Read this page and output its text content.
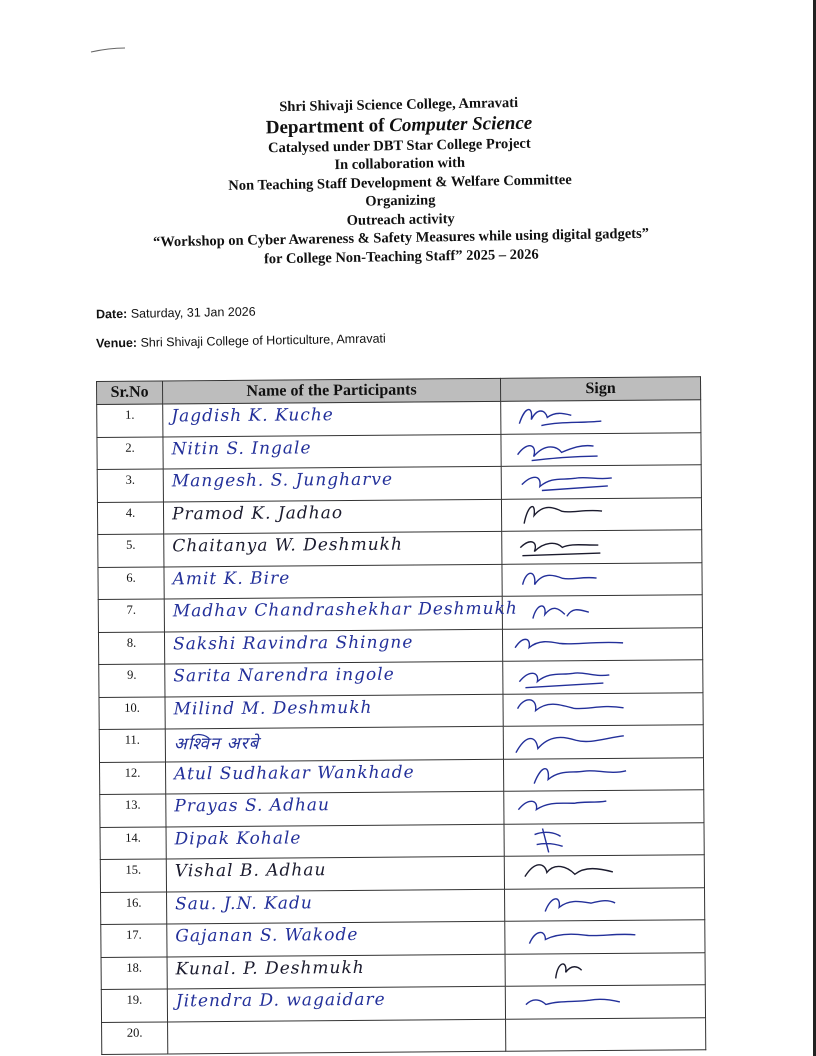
Shri Shivaji Science College, Amravati
Department of Computer Science
Catalysed under DBT Star College Project
In collaboration with
Non Teaching Staff Development & Welfare Committee
Organizing
Outreach activity
“Workshop on Cyber Awareness & Safety Measures while using digital gadgets”
for College Non-Teaching Staff” 2025 – 2026
Date: Saturday, 31 Jan 2026
Venue: Shri Shivaji College of Horticulture, Amravati
Sr.No	Name of the Participants	Sign
1.	Jagdish K. Kuche

2.	Nitin S. Ingale

3.	Mangesh. S. Jungharve

4.	Pramod K. Jadhao

5.	Chaitanya W. Deshmukh

6.	Amit K. Bire

7.	Madhav Chandrashekhar Deshmukh

8.	Sakshi Ravindra Shingne

9.	Sarita Narendra ingole

10.	Milind M. Deshmukh

11.	अश्विन अरबे

12.	Atul Sudhakar Wankhade

13.	Prayas S. Adhau

14.	Dipak Kohale

15.	Vishal B. Adhau

16.	Sau. J.N. Kadu

17.	Gajanan S. Wakode

18.	Kunal. P. Deshmukh

19.	Jitendra D. wagaidare

20.	
